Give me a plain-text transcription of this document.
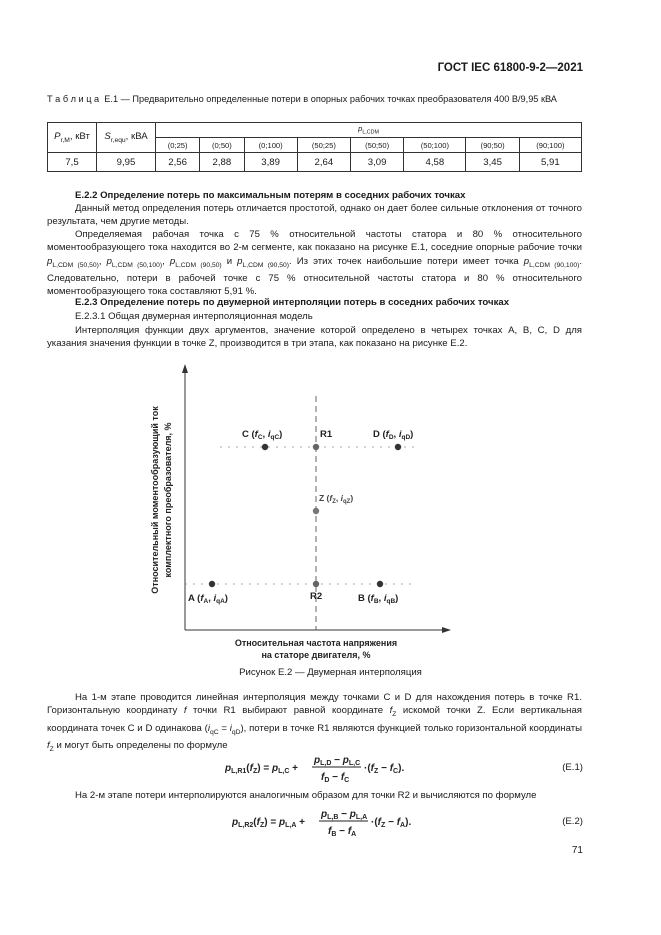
ГОСТ IEC 61800-9-2—2021
Т а б л и ц а  Е.1 — Предварительно определенные потери в опорных рабочих точках преобразователя 400 В/9,95 кВА
$P_{r,M}$, кВт	$S_{r,equ}$, кВА	$p_{L,CDM}$
		(0;25)	(0;50)	(0;100)	(50;25)	(50;50)	(50;100)	(90;50)	(90;100)
7,5	9,95	2,56	2,88	3,89	2,64	3,09	4,58	3,45	5,91
Е.2.2 Определение потерь по максимальным потерям в соседних рабочих точках
Данный метод определения потерь отличается простотой, однако он дает более сильные отклонения от точного результата, чем другие методы.
Определяемая рабочая точка с 75 % относительной частоты статора и 80 % относительного моментообразующего тока находится во 2-м сегменте, как показано на рисунке Е.1, соседние опорные рабочие точки $p_{L,CDM (50,50)}$, $p_{L,CDM (50,100)}$, $p_{L,CDM (90,50)}$ и $p_{L,CDM (90,50)}$. Из этих точек наибольшие потери имеет точка $p_{L,CDM (90,100)}$. Следовательно, потери в рабочей точке с 75 % относительной частоты статора и 80 % относительного моментообразующего тока составляют 5,91 %.
Е.2.3 Определение потерь по двумерной интерполяции потерь в соседних рабочих точках
Е.2.3.1 Общая двумерная интерполяционная модель
Интерполяция функции двух аргументов, значение которой определено в четырех точках А, В, С, D для указания значения функции в точке Z, производится в три этапа, как показано на рисунке Е.2.
C ($f_C$, $i_{qC}$)	R1	D ($f_D$, $i_{qD}$)
Z ($f_Z$, $i_{qZ}$)
A ($f_A$, $i_{qA}$)	R2	B ($f_B$, $i_{qB}$)
Относительный моментообразующий ток комплектного преобразователя, %
Относительная частота напряжения
на статоре двигателя, %
Рисунок Е.2 — Двумерная интерполяция
На 1-м этапе проводится линейная интерполяция между точками С и D для нахождения потерь в точке R1. Горизонтальную координату f точки R1 выбирают равной координате $f_Z$ искомой точки Z. Если вертикальная координата точек С и D одинакова $(i_{qC} = i_{qD})$, потери в точке R1 являются функцией только горизонтальной координаты $f_Z$ и могут быть определены по формуле
$p_{L,R1}(f_Z) = p_{L,C}$ +
$p_{L,D} - p_{L,C}$
$f_D - f_C$
$\cdot(f_Z - f_C)$.	(Е.1)
На 2-м этапе потери интерполируются аналогичным образом для точки R2 и вычисляются по формуле
$p_{L,R2}(f_Z) = p_{L,A}$ +
$p_{L,B} - p_{L,A}$
$f_B - f_A$
$\cdot(f_Z - f_A)$.	(Е.2)
71
